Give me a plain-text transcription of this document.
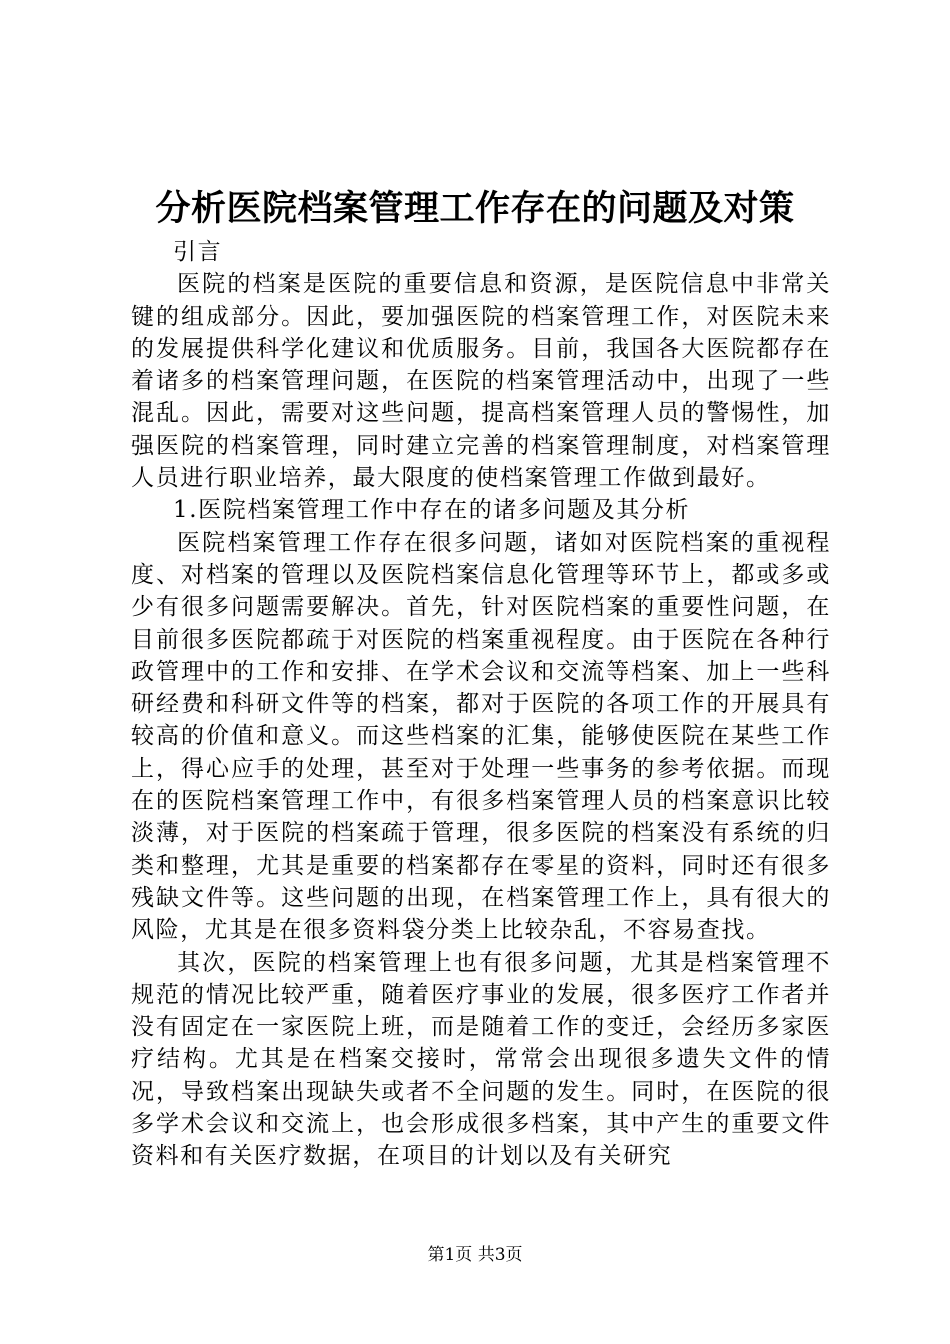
分析医院档案管理工作存在的问题及对策

引言

医院的档案是医院的重要信息和资源，是医院信息中非常关键的组成部分。因此，要加强医院的档案管理工作，对医院未来的发展提供科学化建议和优质服务。目前，我国各大医院都存在着诸多的档案管理问题，在医院的档案管理活动中，出现了一些混乱。因此，需要对这些问题，提高档案管理人员的警惕性，加强医院的档案管理，同时建立完善的档案管理制度，对档案管理人员进行职业培养，最大限度的使档案管理工作做到最好。

1.医院档案管理工作中存在的诸多问题及其分析

医院档案管理工作存在很多问题，诸如对医院档案的重视程度、对档案的管理以及医院档案信息化管理等环节上，都或多或少有很多问题需要解决。首先，针对医院档案的重要性问题，在目前很多医院都疏于对医院的档案重视程度。由于医院在各种行政管理中的工作和安排、在学术会议和交流等档案、加上一些科研经费和科研文件等的档案，都对于医院的各项工作的开展具有较高的价值和意义。而这些档案的汇集，能够使医院在某些工作上，得心应手的处理，甚至对于处理一些事务的参考依据。而现在的医院档案管理工作中，有很多档案管理人员的档案意识比较淡薄，对于医院的档案疏于管理，很多医院的档案没有系统的归类和整理，尤其是重要的档案都存在零星的资料，同时还有很多残缺文件等。这些问题的出现，在档案管理工作上，具有很大的风险，尤其是在很多资料袋分类上比较杂乱，不容易查找。

其次，医院的档案管理上也有很多问题，尤其是档案管理不规范的情况比较严重，随着医疗事业的发展，很多医疗工作者并没有固定在一家医院上班，而是随着工作的变迁，会经历多家医疗结构。尤其是在档案交接时，常常会出现很多遗失文件的情况，导致档案出现缺失或者不全问题的发生。同时，在医院的很多学术会议和交流上，也会形成很多档案，其中产生的重要文件资料和有关医疗数据，在项目的计划以及有关研究

第1页 共3页
